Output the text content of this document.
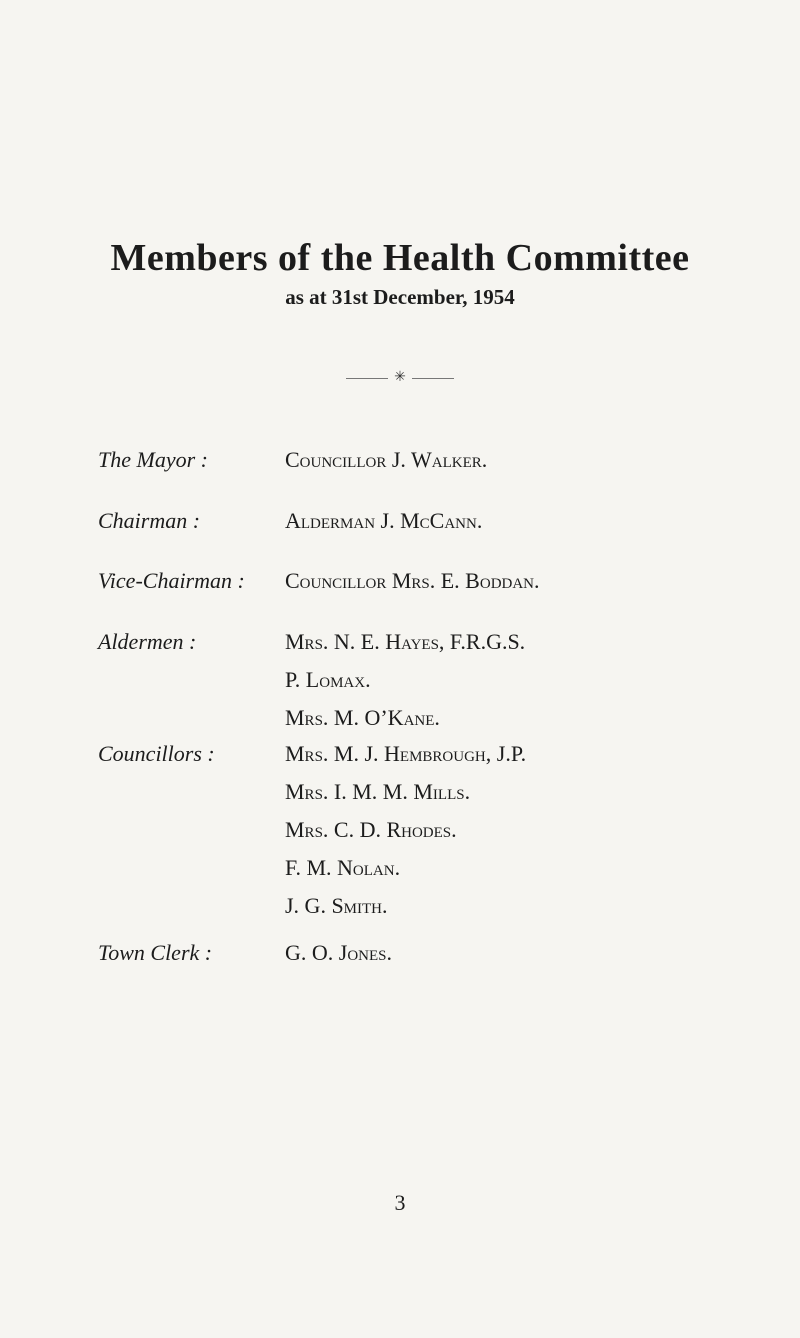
Members of the Health Committee
as at 31st December, 1954
✳
The Mayor :	Councillor J. Walker.
Chairman :	Alderman J. McCann.
Vice-Chairman : Councillor Mrs. E. Boddan.
Aldermen :	Mrs. N. E. Hayes, F.R.G.S.
P. Lomax.
Mrs. M. O’Kane.
Councillors :	Mrs. M. J. Hembrough, J.P.
Mrs. I. M. M. Mills.
Mrs. C. D. Rhodes.
F. M. Nolan.
J. G. Smith.
Town Clerk :	G. O. Jones.
3
